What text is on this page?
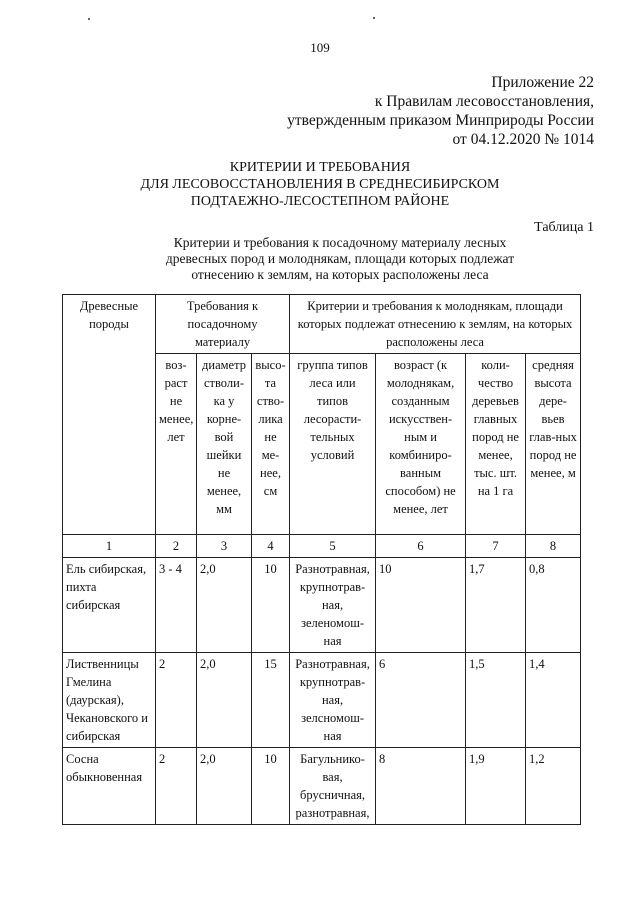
109
Приложение 22
к Правилам лесовосстановления,
утвержденным приказом Минприроды России
от 04.12.2020 № 1014
КРИТЕРИИ И ТРЕБОВАНИЯ
ДЛЯ ЛЕСОВОССТАНОВЛЕНИЯ В СРЕДНЕСИБИРСКОМ
ПОДТАЕЖНО-ЛЕСОСТЕПНОМ РАЙОНЕ
Таблица 1
Критерии и требования к посадочному материалу лесных
древесных пород и молоднякам, площади которых подлежат
отнесению к землям, на которых расположены леса
Древесные породы	Требования к посадочному материалу			Критерии и требования к молоднякам, площади которых подлежат отнесению к землям, на которых расположены леса			
	воз-раст не менее, лет	диаметр стволи-ка у корне-вой шейки не менее, мм	высо-та ство-лика не ме-нее, см	группа типов леса или типов лесорасти-тельных условий	возраст (к молоднякам, созданным искусствен-ным и комбиниро-ванным способом) не менее, лет	коли-чество деревьев главных пород не менее, тыс. шт. на 1 га	средняя высота дере-вьев глав-ных пород не менее, м
1	2	3	4	5	6	7	8
Ель сибирская, пихта сибирская	3 - 4	2,0	10	Разнотравная, крупнотрав-ная, зеленомош-ная	10	1,7	0,8
Лиственницы Гмелина (даурская), Чекановского и сибирская	2	2,0	15	Разнотравная, крупнотрав-ная, зелсномош-ная	6	1,5	1,4
Сосна обыкновенная	2	2,0	10	Багульнико-вая, брусничная, разнотравная,	8	1,9	1,2
